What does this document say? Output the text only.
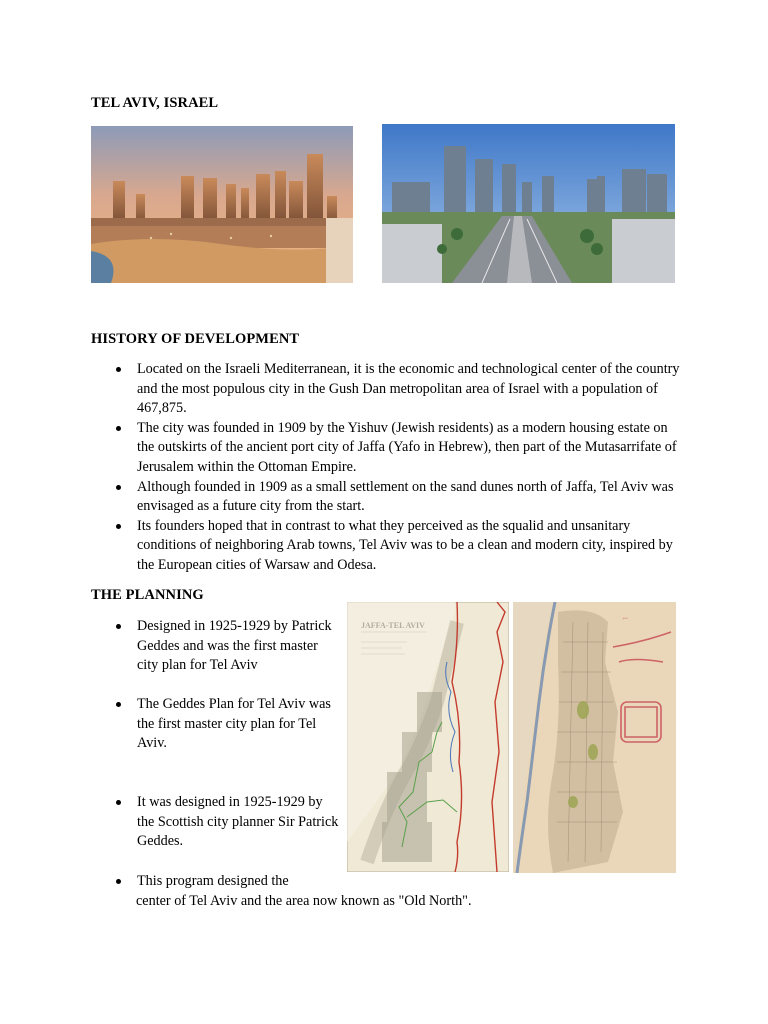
TEL AVIV, ISRAEL
HISTORY OF DEVELOPMENT
Located on the Israeli Mediterranean, it is the economic and technological center of the country and the most populous city in the Gush Dan metropolitan area of Israel with a population of 467,875.
The city was founded in 1909 by the Yishuv (Jewish residents) as a modern housing estate on the outskirts of the ancient port city of Jaffa (Yafo in Hebrew), then part of the Mutasarrifate of Jerusalem within the Ottoman Empire.
Although founded in 1909 as a small settlement on the sand dunes north of Jaffa, Tel Aviv was envisaged as a future city from the start.
Its founders hoped that in contrast to what they perceived as the squalid and unsanitary conditions of neighboring Arab towns, Tel Aviv was to be a clean and modern city, inspired by the European cities of Warsaw and Odesa.
THE PLANNING
Designed in 1925-1929 by Patrick Geddes and was the first master city plan for Tel Aviv
The Geddes Plan for Tel Aviv was the first master city plan for Tel Aviv.
It was designed in 1925-1929 by the Scottish city planner Sir Patrick Geddes.
This program designed the
center of Tel Aviv and the area now known as "Old North".
~
